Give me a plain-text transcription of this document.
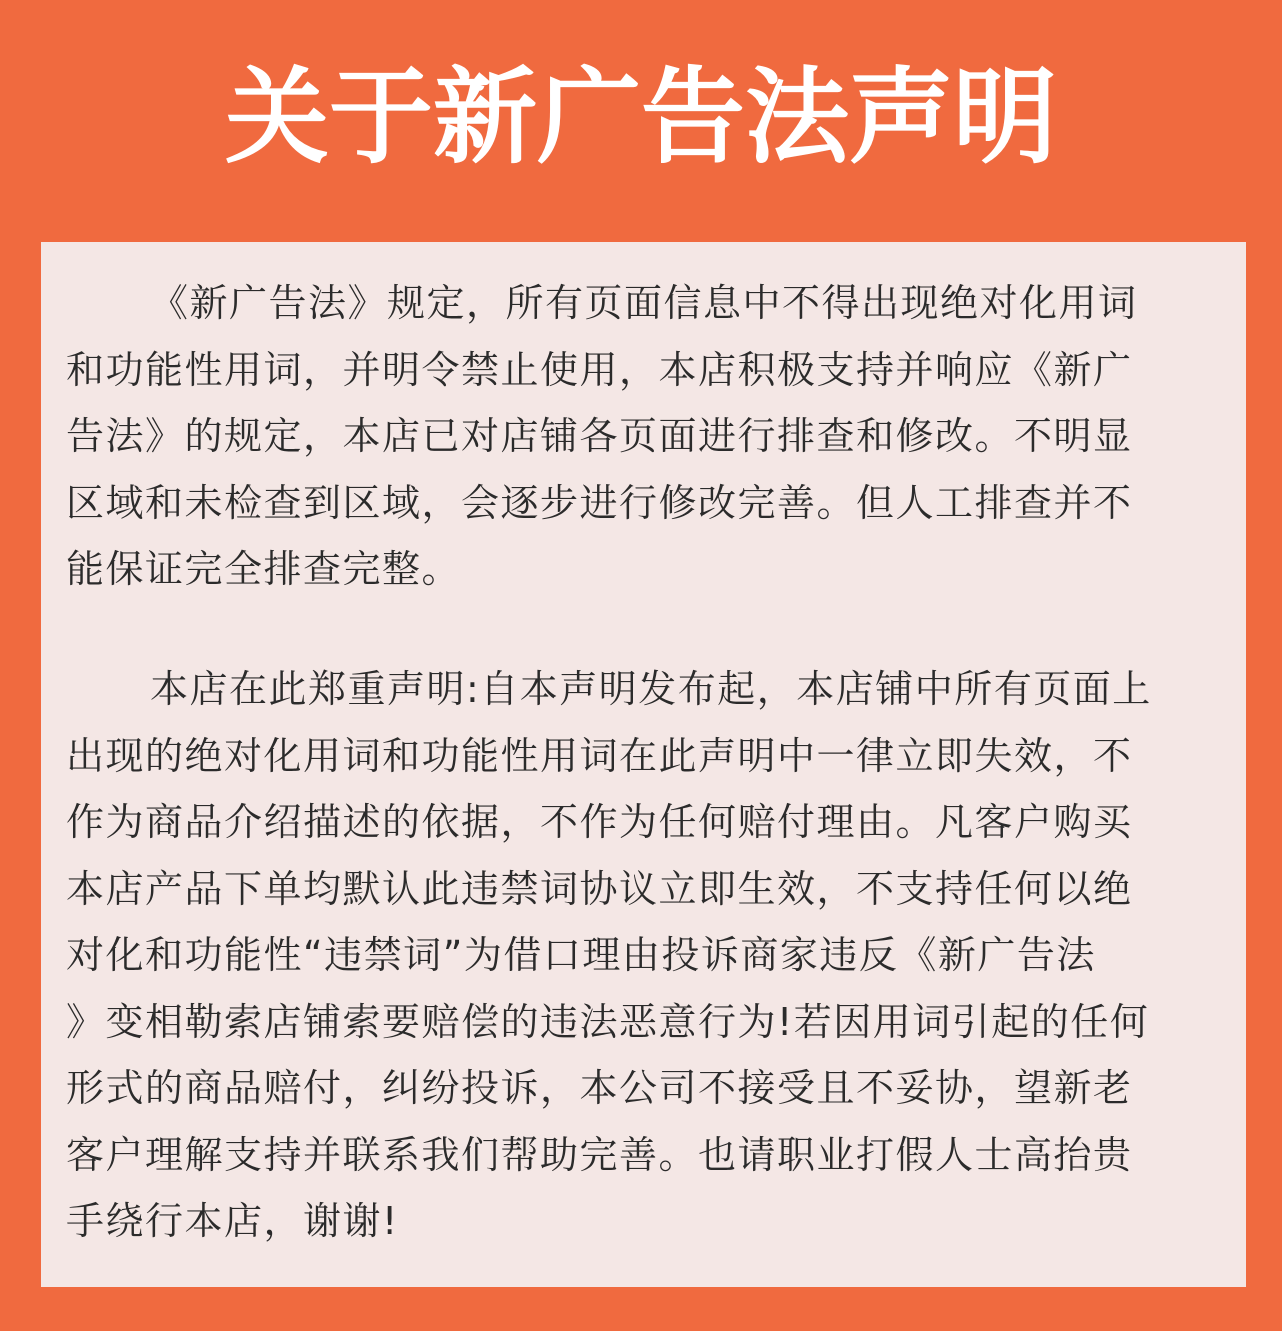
关于新广告法声明

《新广告法》规定，所有页面信息中不得出现绝对化用词
和功能性用词，并明令禁止使用，本店积极支持并响应《新广
告法》的规定，本店已对店铺各页面进行排查和修改。不明显
区域和未检查到区域，会逐步进行修改完善。但人工排查并不
能保证完全排查完整。

本店在此郑重声明:自本声明发布起，本店铺中所有页面上
出现的绝对化用词和功能性用词在此声明中一律立即失效，不
作为商品介绍描述的依据，不作为任何赔付理由。凡客户购买
本店产品下单均默认此违禁词协议立即生效，不支持任何以绝
对化和功能性“违禁词”为借口理由投诉商家违反《新广告法
》变相勒索店铺索要赔偿的违法恶意行为!若因用词引起的任何
形式的商品赔付，纠纷投诉，本公司不接受且不妥协，望新老
客户理解支持并联系我们帮助完善。也请职业打假人士高抬贵
手绕行本店，谢谢!
